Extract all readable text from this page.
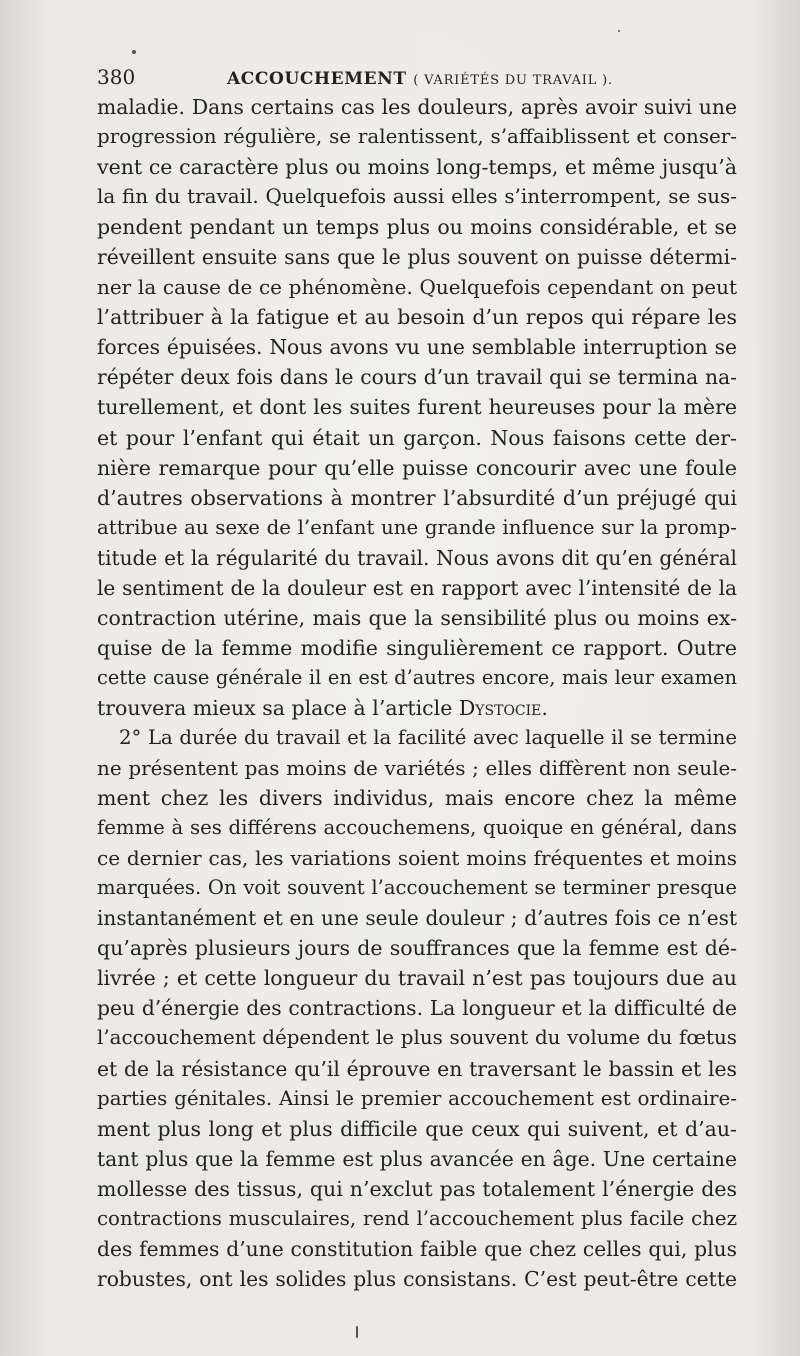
380	ACCOUCHEMENT ( VARIÉTÉS DU TRAVAIL ).
maladie. Dans certains cas les douleurs, après avoir suivi une
progression régulière, se ralentissent, s’affaiblissent et conser-
vent ce caractère plus ou moins long-temps, et même jusqu’à
la fin du travail. Quelquefois aussi elles s’interrompent, se sus-
pendent pendant un temps plus ou moins considérable, et se
réveillent ensuite sans que le plus souvent on puisse détermi-
ner la cause de ce phénomène. Quelquefois cependant on peut
l’attribuer à la fatigue et au besoin d’un repos qui répare les
forces épuisées. Nous avons vu une semblable interruption se
répéter deux fois dans le cours d’un travail qui se termina na-
turellement, et dont les suites furent heureuses pour la mère
et pour l’enfant qui était un garçon. Nous faisons cette der-
nière remarque pour qu’elle puisse concourir avec une foule
d’autres observations à montrer l’absurdité d’un préjugé qui
attribue au sexe de l’enfant une grande influence sur la promp-
titude et la régularité du travail. Nous avons dit qu’en général
le sentiment de la douleur est en rapport avec l’intensité de la
contraction utérine, mais que la sensibilité plus ou moins ex-
quise de la femme modifie singulièrement ce rapport. Outre
cette cause générale il en est d’autres encore, mais leur examen
trouvera mieux sa place à l’article Dystocie.
2° La durée du travail et la facilité avec laquelle il se termine
ne présentent pas moins de variétés ; elles diffèrent non seule-
ment chez les divers individus, mais encore chez la même
femme à ses différens accouchemens, quoique en général, dans
ce dernier cas, les variations soient moins fréquentes et moins
marquées. On voit souvent l’accouchement se terminer presque
instantanément et en une seule douleur ; d’autres fois ce n’est
qu’après plusieurs jours de souffrances que la femme est dé-
livrée ; et cette longueur du travail n’est pas toujours due au
peu d’énergie des contractions. La longueur et la difficulté de
l’accouchement dépendent le plus souvent du volume du fœtus
et de la résistance qu’il éprouve en traversant le bassin et les
parties génitales. Ainsi le premier accouchement est ordinaire-
ment plus long et plus difficile que ceux qui suivent, et d’au-
tant plus que la femme est plus avancée en âge. Une certaine
mollesse des tissus, qui n’exclut pas totalement l’énergie des
contractions musculaires, rend l’accouchement plus facile chez
des femmes d’une constitution faible que chez celles qui, plus
robustes, ont les solides plus consistans. C’est peut-être cette
